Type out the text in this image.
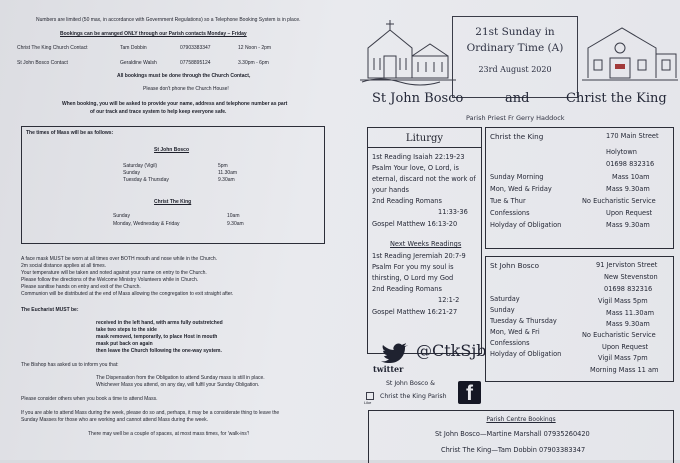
Numbers are limited (50 max, in accordance with Government Regulations) so a Telephone Booking System is in place.
Bookings can be arranged ONLY through our Parish contacts Monday – Friday
Christ The King Church Contact	Tam Dobbin	07903383347	12 Noon - 2pm
St John Bosco Contact	Geraldine Walsh	07758895124	3.30pm - 6pm
All bookings must be done through the Church Contact,
Please don't phone the Church House!
When booking, you will be asked to provide your name, address and telephone number as part
of our track and trace system to help keep everyone safe.
The times of Mass will be as follows:
St John Bosco
Saturday (Vigil)	5pm
Sunday	11.30am
Tuesday & Thursday	9.30am
Christ The King
Sunday	10am
Monday, Wednesday & Friday	9.30am
A face mask MUST be worn at all times over BOTH mouth and nose while in the Church.
2m social distance applies at all times.
Your temperature will be taken and noted against your name on entry to the Church.
Please follow the directions of the Welcome Ministry Volunteers while in Church.
Please sanitise hands on entry and exit of the Church.
Communion will be distributed at the end of Mass allowing the congregation to exit straight after.
The Eucharist MUST be:
received in the left hand, with arms fully outstretched
take two steps to the side
mask removed, temporarily, to place Host in mouth
mask put back on again
then leave the Church following the one-way system.
The Bishop has asked us to inform you that:
The Dispensation from the Obligation to attend Sunday mass is still in place.
Whichever Mass you attend, on any day, will fulfil your Sunday Obligation.
Please consider others when you book a time to attend Mass.
If you are able to attend Mass during the week, please do so and, perhaps, it may be a considerate thing to leave the
Sunday Masses for those who are working and cannot attend Mass during the week.
There may well be a couple of spaces, at most mass times, for 'walk-ins'!
21st Sunday in
Ordinary Time (A)
23rd August 2020
St John Bosco	and	Christ the King
Parish Priest Fr Gerry Haddock
Liturgy
1st Reading Isaiah 22:19-23
Psalm Your love, O Lord, is
eternal, discard not the work of
your hands
2nd Reading Romans
11:33-36
Gospel Matthew 16:13-20
Next Weeks Readings
1st Reading Jeremiah 20:7-9
Psalm For you my soul is
thirsting, O Lord my God
2nd Reading Romans
12:1-2
Gospel Matthew 16:21-27
Christ the King	170 Main Street
Holytown
01698 832316
Sunday Morning	Mass 10am
Mon, Wed & Friday	Mass 9.30am
Tue & Thur	No Eucharistic Service
Confessions	Upon Request
Holyday of Obligation	Mass 9.30am
St John Bosco	91 Jerviston Street
New Stevenston
01698 832316
Saturday	Vigil Mass 5pm
Sunday	Mass 11.30am
Tuesday & Thursday	Mass 9.30am
Mon, Wed & Fri	No Eucharistic Service
Confessions	Upon Request
Holyday of Obligation	Vigil Mass 7pm
Morning Mass 11 am
twitter
@CtkSjb
Like
St John Bosco &
Christ the King Parish f
Parish Centre Bookings
St John Bosco—Martine Marshall 07935260420
Christ The King—Tam Dobbin 07903383347
